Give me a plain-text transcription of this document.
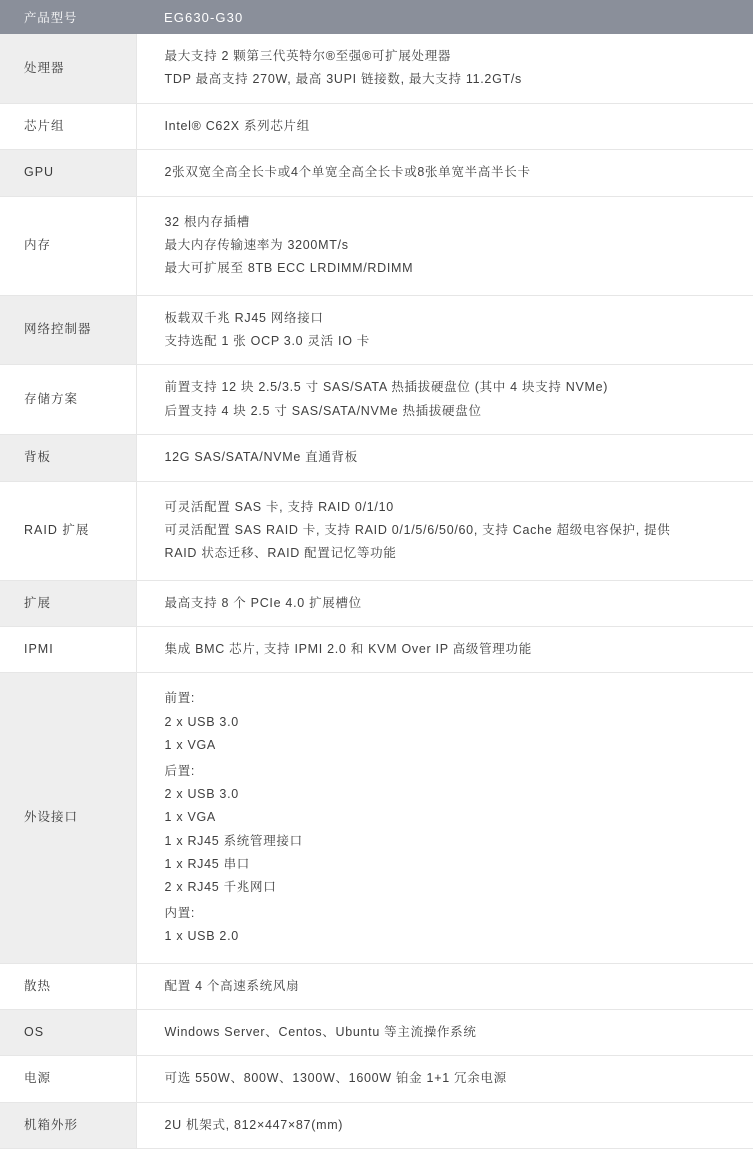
产品型号	EG630-G30
处理器	最大支持 2 颗第三代英特尔®至强®可扩展处理器
TDP 最高支持 270W, 最高 3UPI 链接数, 最大支持 11.2GT/s

芯片组	Intel® C62X 系列芯片组

GPU	2张双宽全高全长卡或4个单宽全高全长卡或8张单宽半高半长卡

内存	32 根内存插槽
最大内存传输速率为 3200MT/s
最大可扩展至 8TB ECC LRDIMM/RDIMM

网络控制器	板载双千兆 RJ45 网络接口
支持选配 1 张 OCP 3.0 灵活 IO 卡

存储方案	前置支持 12 块 2.5/3.5 寸 SAS/SATA 热插拔硬盘位 (其中 4 块支持 NVMe)
后置支持 4 块 2.5 寸 SAS/SATA/NVMe 热插拔硬盘位

背板	12G SAS/SATA/NVMe 直通背板

RAID 扩展	可灵活配置 SAS 卡, 支持 RAID 0/1/10
可灵活配置 SAS RAID 卡, 支持 RAID 0/1/5/6/50/60, 支持 Cache 超级电容保护, 提供
RAID 状态迁移、RAID 配置记忆等功能

扩展	最高支持 8 个 PCIe 4.0 扩展槽位

IPMI	集成 BMC 芯片, 支持 IPMI 2.0 和 KVM Over IP 高级管理功能

外设接口	
前置:
2 x USB 3.0
1 x VGA
后置:
2 x USB 3.0
1 x VGA
1 x RJ45 系统管理接口
1 x RJ45 串口
2 x RJ45 千兆网口
内置:
1 x USB 2.0

散热	配置 4 个高速系统风扇

OS	Windows Server、Centos、Ubuntu 等主流操作系统

电源	可选 550W、800W、1300W、1600W 铂金 1+1 冗余电源

机箱外形	2U 机架式, 812×447×87(mm)
